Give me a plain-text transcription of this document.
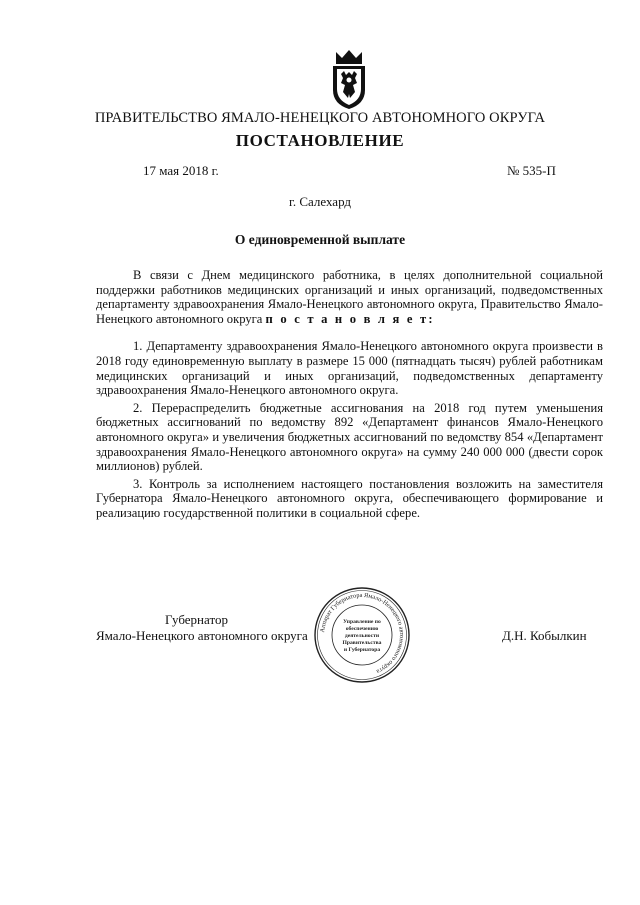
ПРАВИТЕЛЬСТВО ЯМАЛО-НЕНЕЦКОГО АВТОНОМНОГО ОКРУГА
ПОСТАНОВЛЕНИЕ
17 мая 2018 г.	№ 535-П
г. Салехард
О единовременной выплате

В связи с Днем медицинского работника, в целях дополнительной социальной поддержки работников медицинских организаций и иных организаций, подведомственных департаменту здравоохранения Ямало-Ненецкого автономного округа, Правительство Ямало-Ненецкого автономного округа п о с т а н о в л я е т:

1. Департаменту здравоохранения Ямало-Ненецкого автономного округа произвести в 2018 году единовременную выплату в размере 15 000 (пятнадцать тысяч) рублей работникам медицинских организаций и иных организаций, подведомственных департаменту здравоохранения Ямало-Ненецкого автономного округа.

2. Перераспределить бюджетные ассигнования на 2018 год путем уменьшения бюджетных ассигнований по ведомству 892 «Департамент финансов Ямало-Ненецкого автономного округа» и увеличения бюджетных ассигнований по ведомству 854 «Департамент здравоохранения Ямало-Ненецкого автономного округа» на сумму 240 000 000 (двести сорок миллионов) рублей.

3. Контроль за исполнением настоящего постановления возложить на заместителя Губернатора Ямало-Ненецкого автономного округа, обеспечивающего формирование и реализацию государственной политики в социальной сфере.

Губернатор
Ямало-Ненецкого автономного округа	Д.Н. Кобылкин
Аппарат Губернатора Ямало-Ненецкого автономного округа
Управление по
обеспечению
деятельности
Правительства
и Губернатора
